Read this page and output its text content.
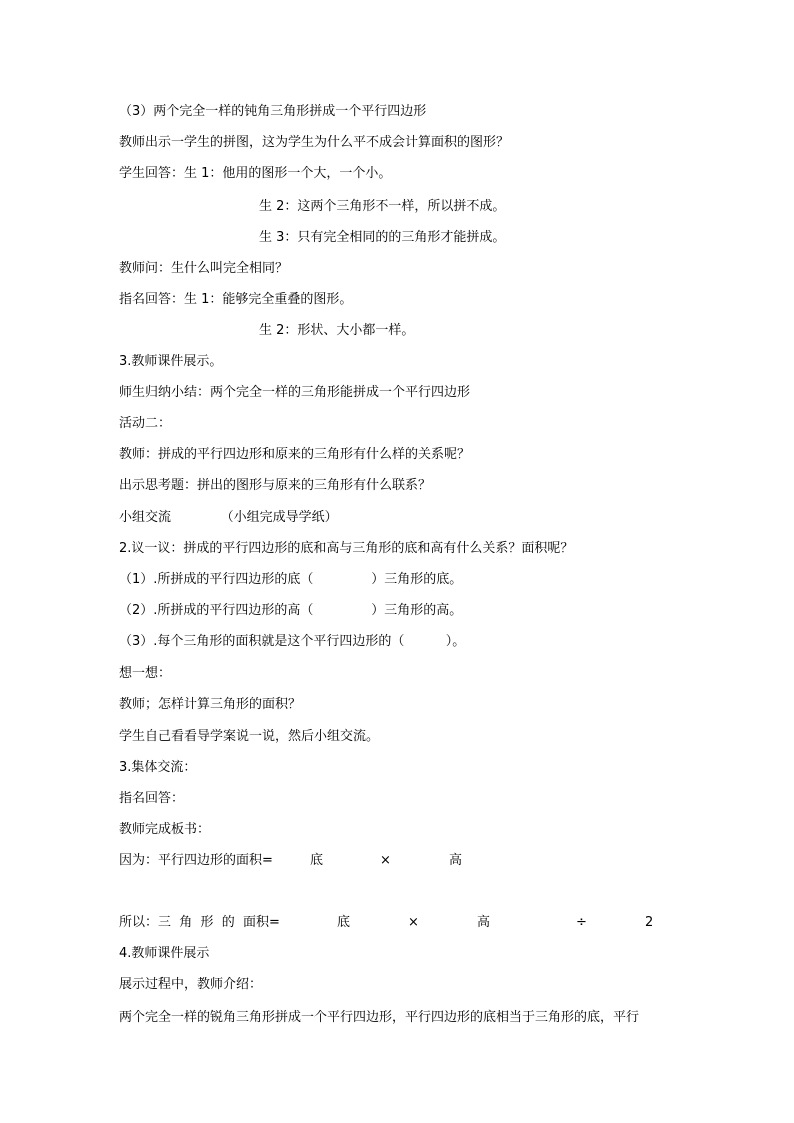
（3）两个完全一样的钝角三角形拼成一个平行四边形
教师出示一学生的拼图，这为学生为什么平不成会计算面积的图形？
学生回答：生 1：他用的图形一个大，一个小。
生 2：这两个三角形不一样，所以拼不成。
生 3：只有完全相同的的三角形才能拼成。
教师问：生什么叫完全相同？
指名回答：生 1：能够完全重叠的图形。
生 2：形状、大小都一样。
3.教师课件展示。
师生归纳小结：两个完全一样的三角形能拼成一个平行四边形
活动二：
教师：拼成的平行四边形和原来的三角形有什么样的关系呢？
出示思考题：拼出的图形与原来的三角形有什么联系？
小组交流            （小组完成导学纸）
2.议一议：拼成的平行四边形的底和高与三角形的底和高有什么关系？面积呢？
（1）.所拼成的平行四边形的底（              ）三角形的底。
（2）.所拼成的平行四边形的高（              ）三角形的高。
（3）.每个三角形的面积就是这个平行四边形的（          ）。
想一想：
教师；怎样计算三角形的面积？
学生自己看看导学案说一说，然后小组交流。
3.集体交流：
指名回答：
教师完成板书：

因为：平行四边形的面积=

	底

	×

	高

所以：三  角  形  的  面积=

	底

	×

	高

	÷

	2

4.教师课件展示
展示过程中，教师介绍：
两个完全一样的锐角三角形拼成一个平行四边形，平行四边形的底相当于三角形的底，平行
